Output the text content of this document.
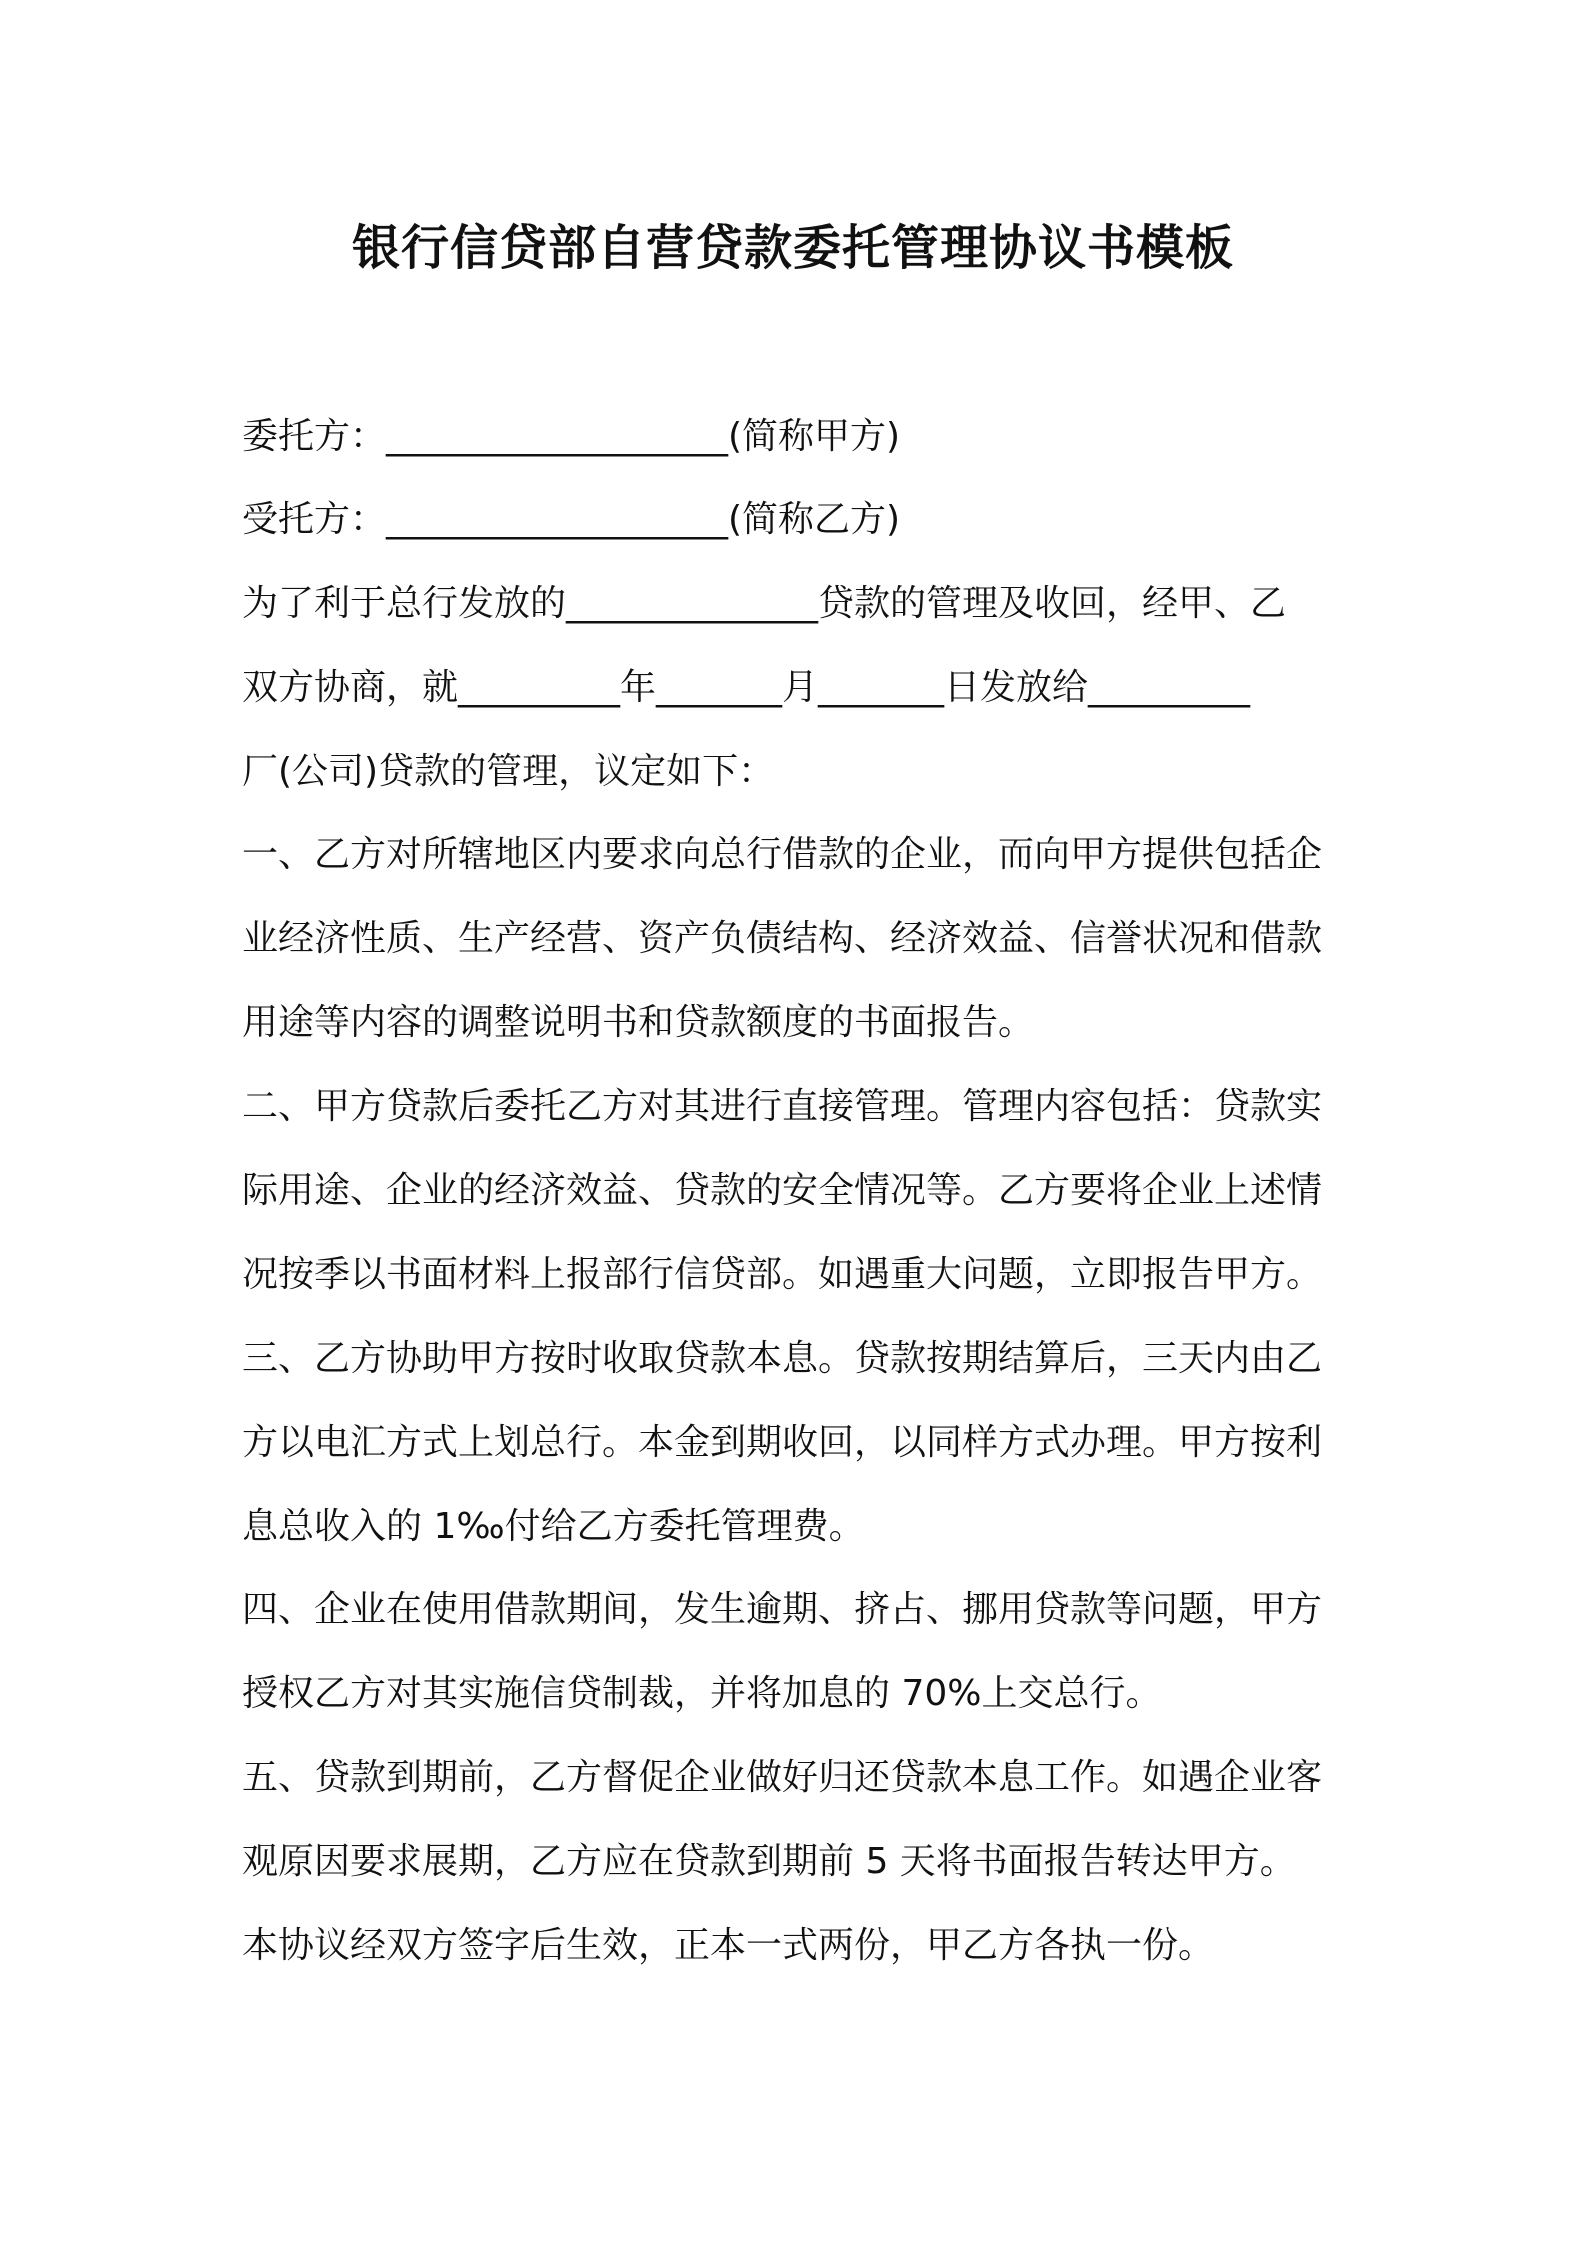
银行信贷部自营贷款委托管理协议书模板
委托方：___________________(简称甲方)
受托方：___________________(简称乙方)
为了利于总行发放的______________贷款的管理及收回，经甲、乙
双方协商，就_________年_______月_______日发放给_________
厂(公司)贷款的管理，议定如下：
一、乙方对所辖地区内要求向总行借款的企业，而向甲方提供包括企
业经济性质、生产经营、资产负债结构、经济效益、信誉状况和借款
用途等内容的调整说明书和贷款额度的书面报告。
二、甲方贷款后委托乙方对其进行直接管理。管理内容包括：贷款实
际用途、企业的经济效益、贷款的安全情况等。乙方要将企业上述情
况按季以书面材料上报部行信贷部。如遇重大问题，立即报告甲方。
三、乙方协助甲方按时收取贷款本息。贷款按期结算后，三天内由乙
方以电汇方式上划总行。本金到期收回，以同样方式办理。甲方按利
息总收入的 1‰付给乙方委托管理费。
四、企业在使用借款期间，发生逾期、挤占、挪用贷款等问题，甲方
授权乙方对其实施信贷制裁，并将加息的 70%上交总行。
五、贷款到期前，乙方督促企业做好归还贷款本息工作。如遇企业客
观原因要求展期，乙方应在贷款到期前 5 天将书面报告转达甲方。
本协议经双方签字后生效，正本一式两份，甲乙方各执一份。
